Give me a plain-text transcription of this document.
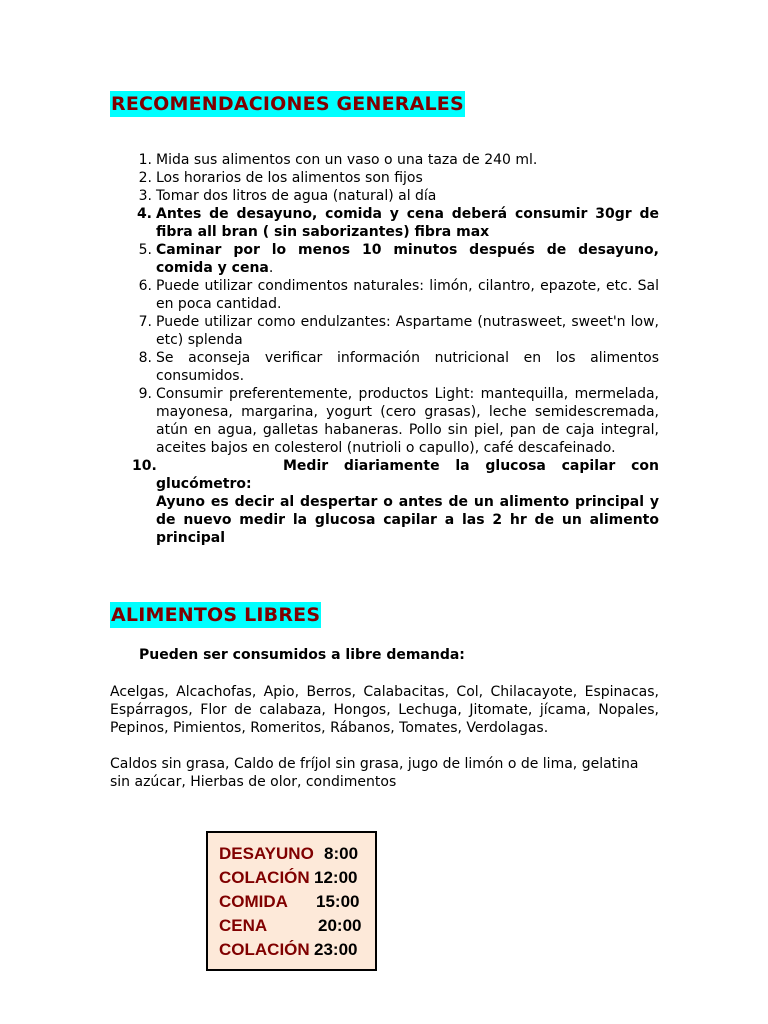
RECOMENDACIONES GENERALES
1. Mida sus alimentos con un vaso o una taza de 240 ml.
2. Los horarios de los alimentos son fijos
3. Tomar dos litros de agua (natural) al día
4. Antes de desayuno, comida y cena deberá consumir 30gr de fibra all bran ( sin saborizantes) fibra max
5. Caminar por lo menos 10 minutos después de desayuno, comida y cena.
6. Puede utilizar condimentos naturales: limón, cilantro, epazote, etc. Sal en poca cantidad.
7. Puede utilizar como endulzantes: Aspartame (nutrasweet, sweet'n low, etc) splenda
8. Se aconseja verificar información nutricional en los alimentos consumidos.
9. Consumir preferentemente, productos Light: mantequilla, mermelada, mayonesa, margarina, yogurt (cero grasas), leche semidescremada, atún en agua, galletas habaneras. Pollo sin piel, pan de caja integral, aceites bajos en colesterol (nutrioli o capullo), café descafeinado.
10.	Medir diariamente la glucosa capilar con
glucómetro:
Ayuno es decir al despertar o antes de un alimento principal y de nuevo medir la glucosa capilar a las 2 hr de un alimento principal
ALIMENTOS LIBRES
Pueden ser consumidos a libre demanda:
Acelgas, Alcachofas, Apio, Berros, Calabacitas, Col, Chilacayote, Espinacas, Espárragos, Flor de calabaza, Hongos, Lechuga, Jitomate, jícama, Nopales, Pepinos, Pimientos, Romeritos, Rábanos, Tomates, Verdolagas.
Caldos sin grasa, Caldo de fríjol sin grasa, jugo de limón o de lima, gelatina sin azúcar, Hierbas de olor, condimentos
DESAYUNO 8:00
COLACIÓN 12:00
COMIDA 15:00
CENA	20:00
COLACIÓN 23:00
